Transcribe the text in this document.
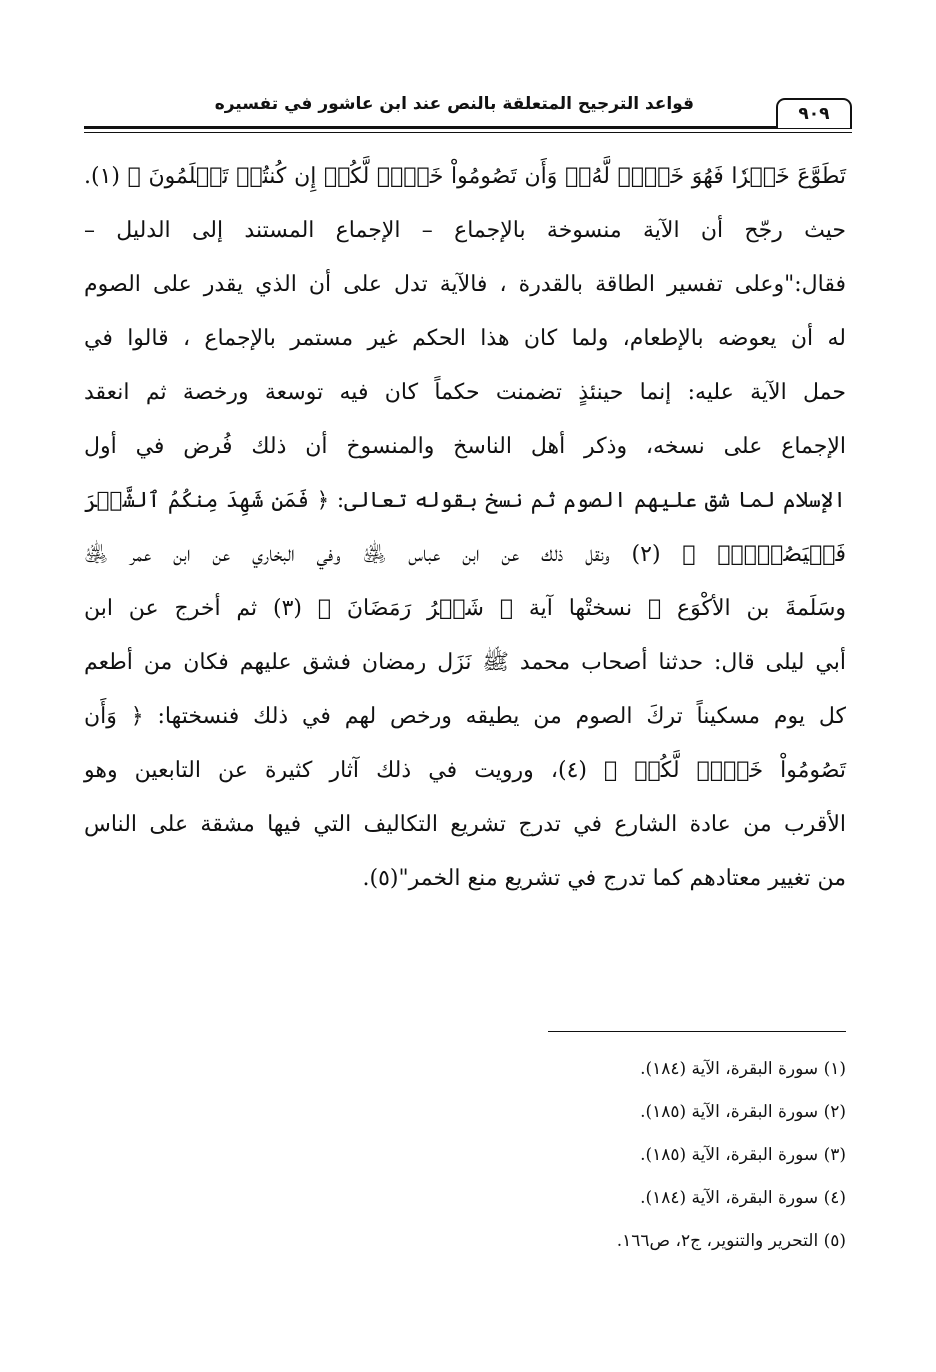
قواعد الترجيح المتعلقة بالنص عند ابن عاشور في تفسيره	٩٠٩
تَطَوَّعَ خَيۡرٗا فَهُوَ خَيۡرٞ لَّهُۥۚ وَأَن تَصُومُواْ خَيۡرٞ لَّكُمۡ إِن كُنتُمۡ تَعۡلَمُونَ ﴾ (١).
حيث رجّح أن الآية منسوخة بالإجماع – الإجماع المستند إلى الدليل –
فقال:"وعلى تفسير الطاقة بالقدرة ، فالآية تدل على أن الذي يقدر على الصوم
له أن يعوضه بالإطعام، ولما كان هذا الحكم غير مستمر بالإجماع ، قالوا في
حمل الآية عليه: إنما حينئذٍ تضمنت حكماً كان فيه توسعة ورخصة ثم انعقد
الإجماع على نسخه، وذكر أهل الناسخ والمنسوخ أن ذلك فُرض في أول
الإسلام لما شق عليهم الصوم ثم نسخ بقوله تعالى: ﴿ فَمَن شَهِدَ مِنكُمُ ٱلشَّهۡرَ
فَلۡيَصُمۡهُۖ ﴾ (٢) ونقل ذلك عن ابن عباس ﵁ وفي البخاري عن ابن عمر ﵁
وسَلَمةَ بن الأكْوَع ﵁ نسختْها آية ﴿ شَهۡرُ رَمَضَانَ ﴾ (٣) ثم أخرج عن ابن
أبي ليلى قال: حدثنا أصحاب محمد ﷺ نَزَل رمضان فشق عليهم فكان من أطعم
كل يوم مسكيناً تركَ الصوم من يطيقه ورخص لهم في ذلك فنسختها: ﴿ وَأَن
تَصُومُواْ خَيۡرٞ لَّكُمۡ ﴾ (٤)، ورويت في ذلك آثار كثيرة عن التابعين وهو
الأقرب من عادة الشارع في تدرج تشريع التكاليف التي فيها مشقة على الناس
من تغيير معتادهم كما تدرج في تشريع منع الخمر"(٥).
(١) سورة البقرة، الآية (١٨٤).
(٢) سورة البقرة، الآية (١٨٥).
(٣) سورة البقرة، الآية (١٨٥).
(٤) سورة البقرة، الآية (١٨٤).
(٥) التحرير والتنوير، ج٢، ص١٦٦.
